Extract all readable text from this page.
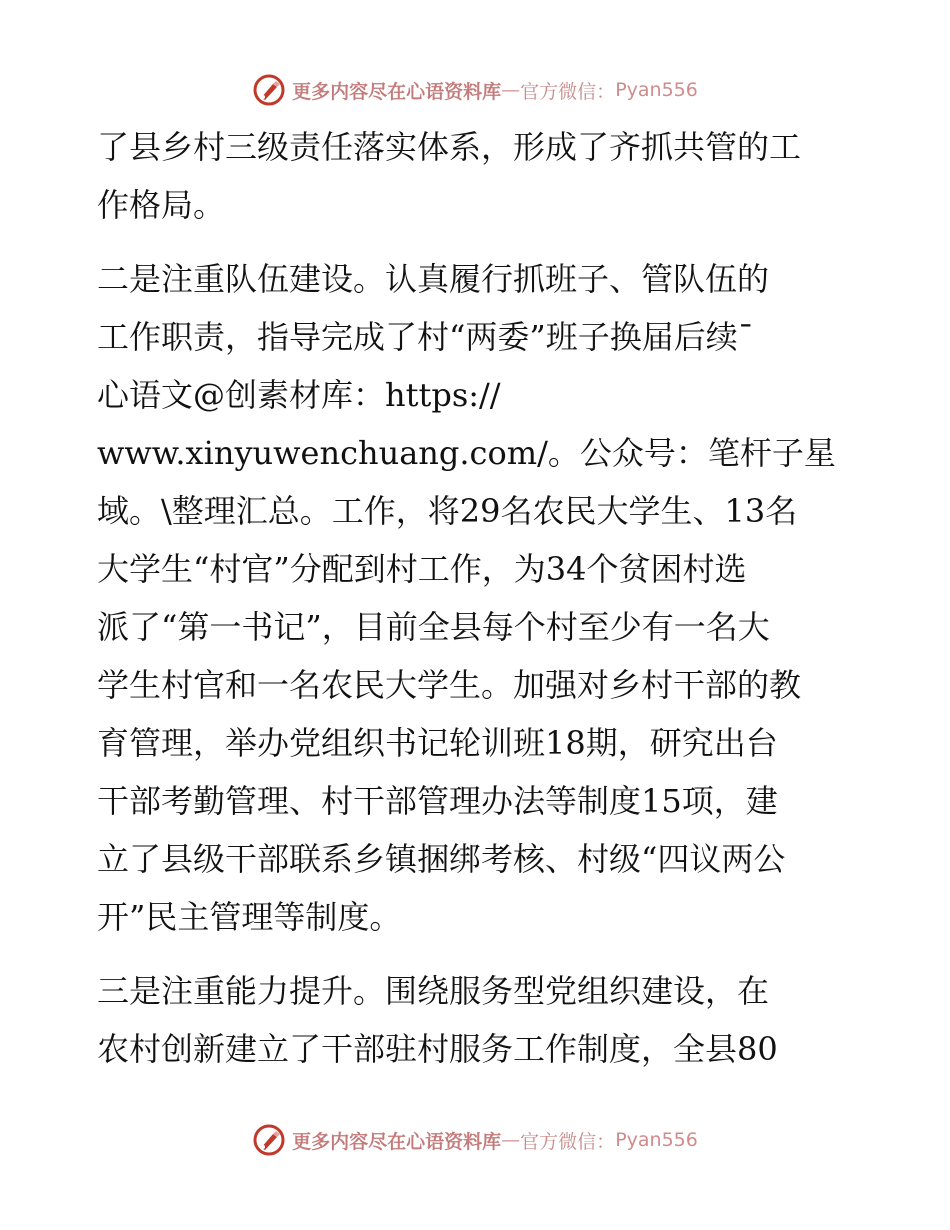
更多内容尽在心语资料库 — 官方微信： Pyan556
了县乡村三级责任落实体系，形成了齐抓共管的工
作格局。
二是注重队伍建设。认真履行抓班子、管队伍的
工作职责，指导完成了村“两委”班子换届后续¯
心语文@创素材库：https://
www.xinyuwenchuang.com/。公众号：笔杆子星
域。\整理汇总。工作，将29名农民大学生、13名
大学生“村官”分配到村工作，为34个贫困村选
派了“第一书记”，目前全县每个村至少有一名大
学生村官和一名农民大学生。加强对乡村干部的教
育管理，举办党组织书记轮训班18期，研究出台
干部考勤管理、村干部管理办法等制度15项，建
立了县级干部联系乡镇捆绑考核、村级“四议两公
开”民主管理等制度。
三是注重能力提升。围绕服务型党组织建设，在
农村创新建立了干部驻村服务工作制度，全县80
更多内容尽在心语资料库 — 官方微信： Pyan556
